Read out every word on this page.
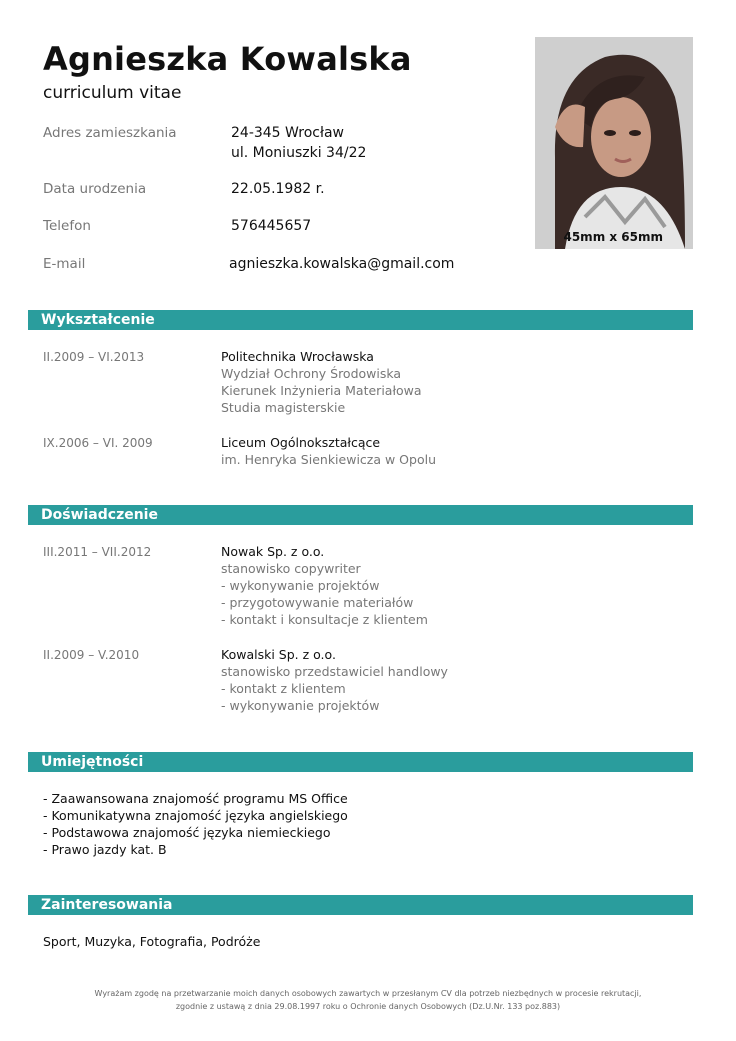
Agnieszka Kowalska
curriculum vitae
Adres zamieszkania	24-345 Wrocław
ul. Moniuszki 34/22
Data urodzenia	22.05.1982 r.
Telefon	576445657
E-mail	agnieszka.kowalska@gmail.com
45mm x 65mm
Wykształcenie
II.2009 – VI.2013	Politechnika Wrocławska
Wydział Ochrony Środowiska
Kierunek Inżynieria Materiałowa
Studia magisterskie
IX.2006 – VI. 2009	Liceum Ogólnokształcące
im. Henryka Sienkiewicza w Opolu
Doświadczenie
III.2011 – VII.2012	Nowak Sp. z o.o.
stanowisko copywriter
- wykonywanie projektów
- przygotowywanie materiałów
- kontakt i konsultacje z klientem
II.2009 – V.2010	Kowalski Sp. z o.o.
stanowisko przedstawiciel handlowy
- kontakt z klientem
- wykonywanie projektów
Umiejętności
- Zaawansowana znajomość programu MS Office
- Komunikatywna znajomość języka angielskiego
- Podstawowa znajomość języka niemieckiego
- Prawo jazdy kat. B
Zainteresowania
Sport, Muzyka, Fotografia, Podróże
Wyrażam zgodę na przetwarzanie moich danych osobowych zawartych w przesłanym CV dla potrzeb niezbędnych w procesie rekrutacji,
zgodnie z ustawą z dnia 29.08.1997 roku o Ochronie danych Osobowych (Dz.U.Nr. 133 poz.883)
